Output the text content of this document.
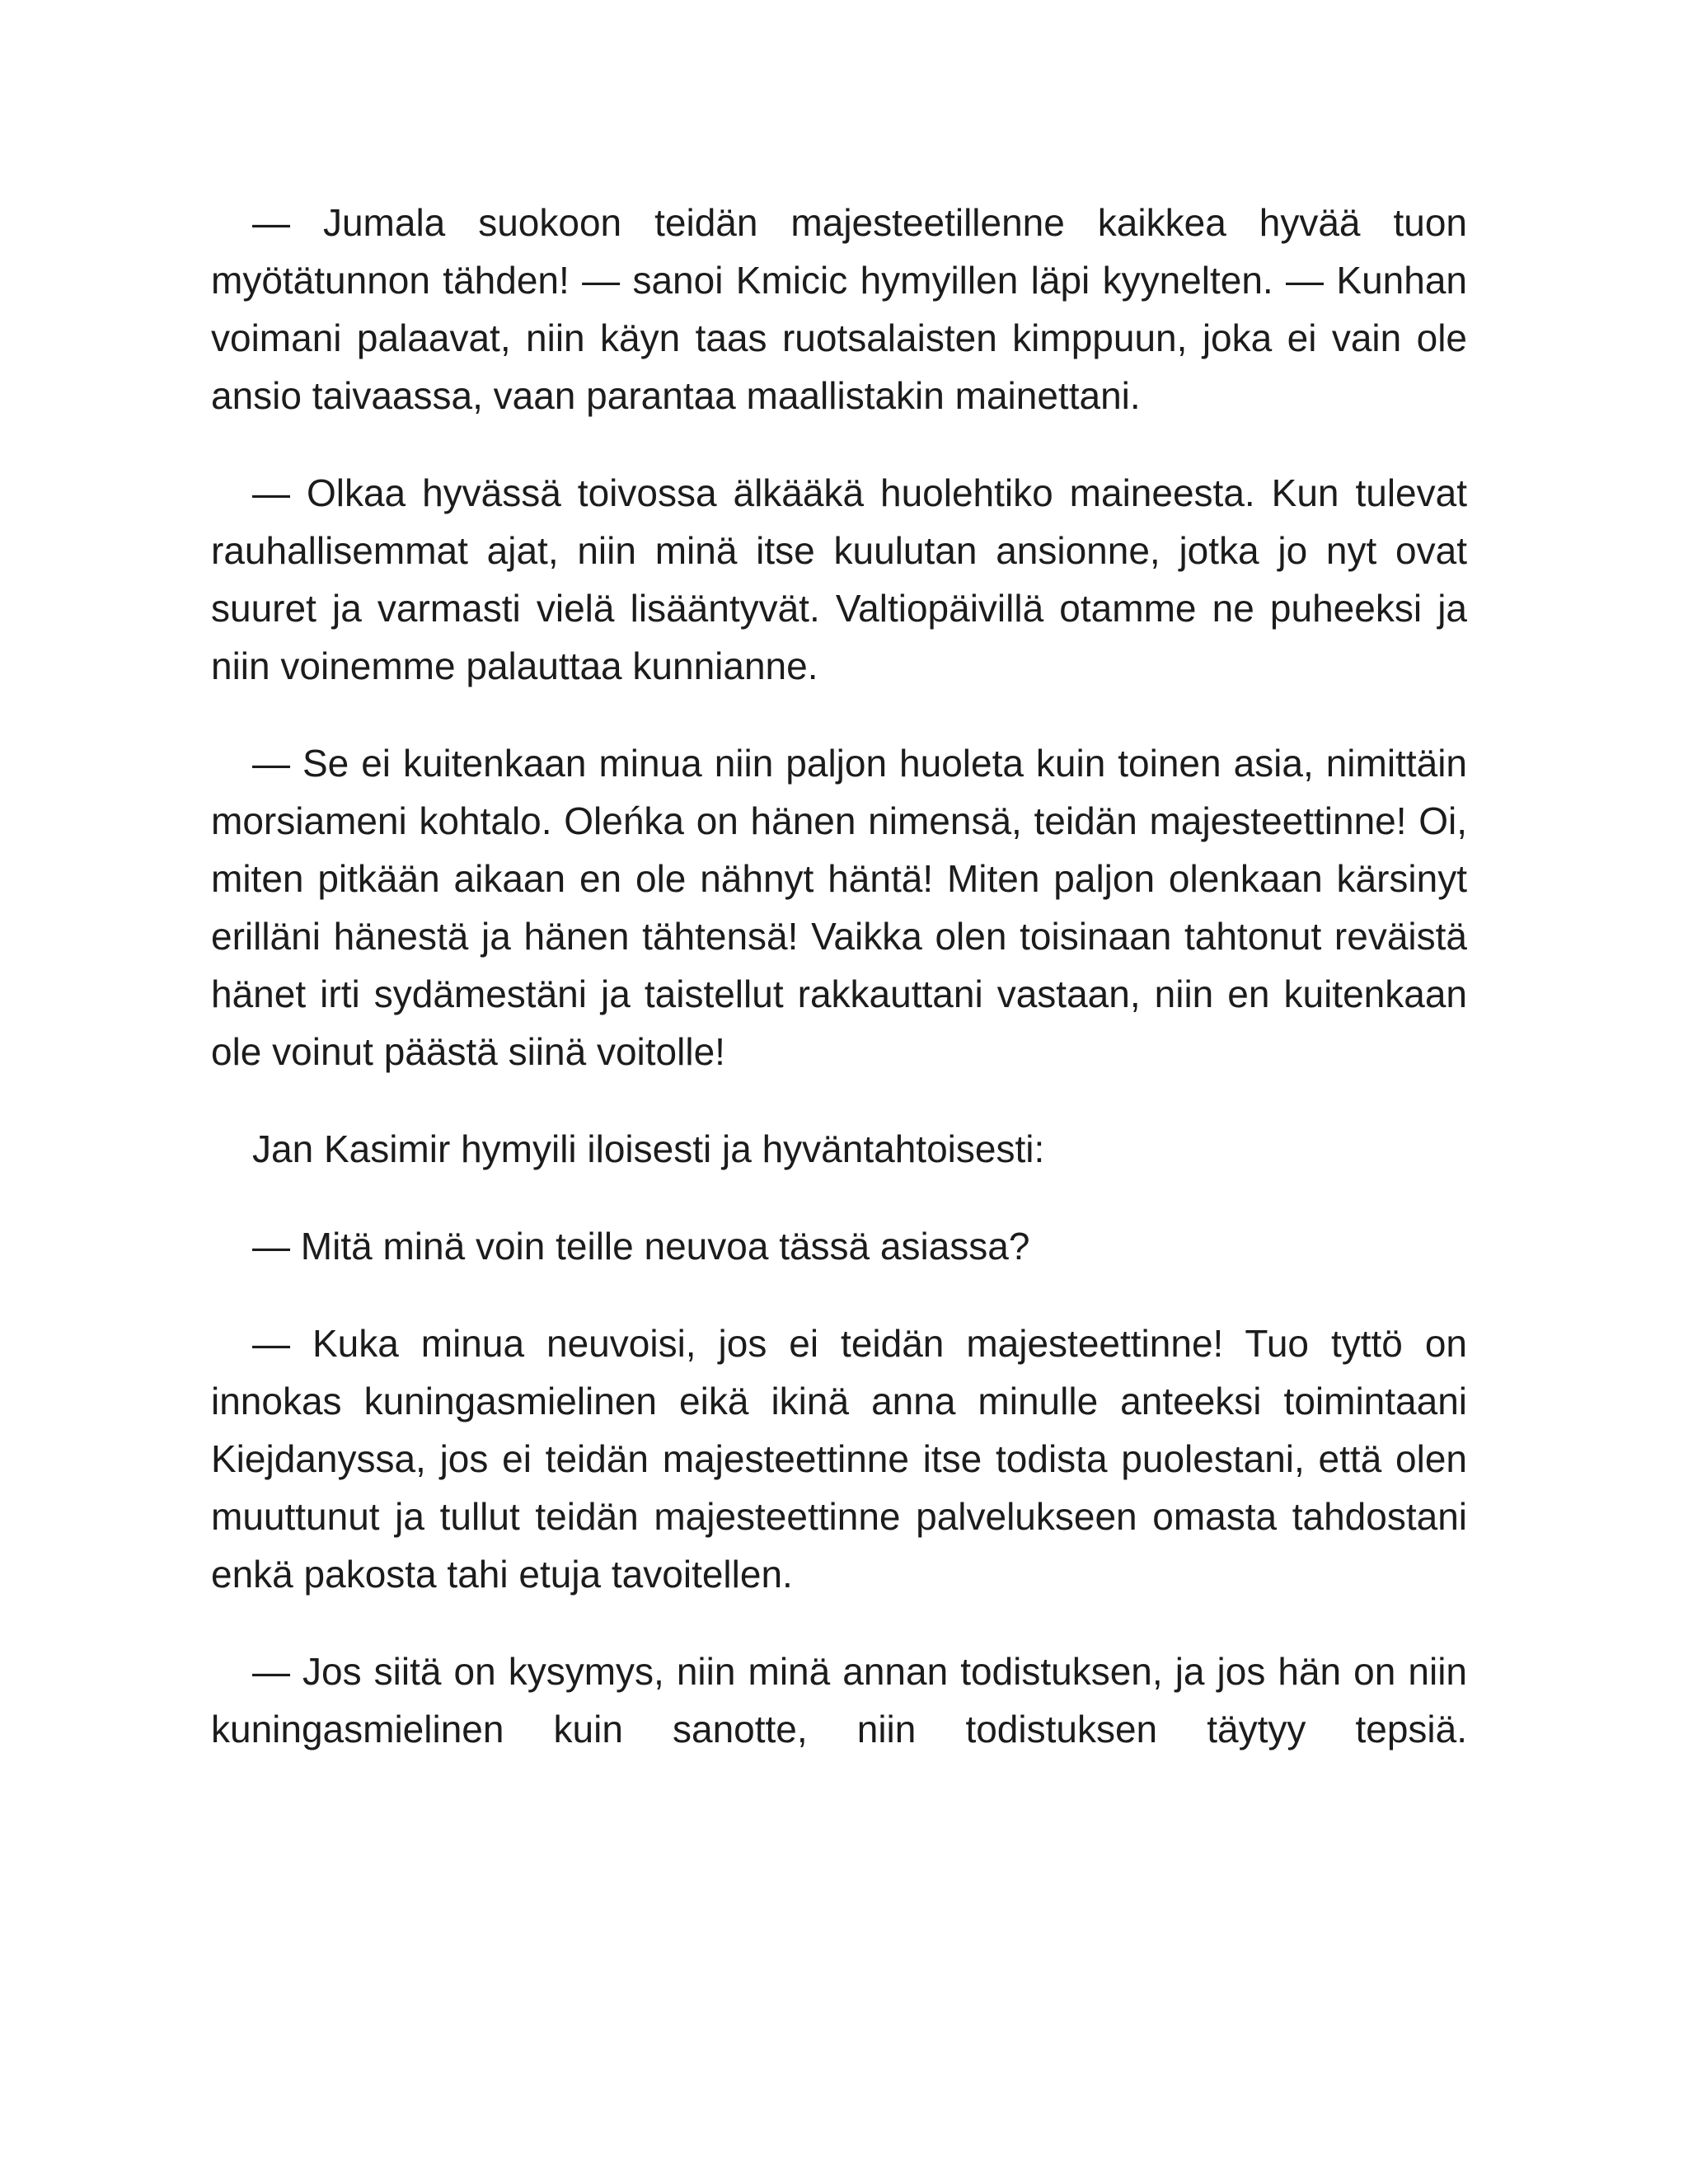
— Jumala suokoon teidän majesteetillenne kaikkea hyvää tuon myötätunnon tähden! — sanoi Kmicic hymyillen läpi kyynelten. — Kunhan voimani palaavat, niin käyn taas ruotsalaisten kimppuun, joka ei vain ole ansio taivaassa, vaan parantaa maallistakin mainettani.

— Olkaa hyvässä toivossa älkääkä huolehtiko maineesta. Kun tulevat rauhallisemmat ajat, niin minä itse kuulutan ansionne, jotka jo nyt ovat suuret ja varmasti vielä lisääntyvät. Valtiopäivillä otamme ne puheeksi ja niin voinemme palauttaa kunnianne.

— Se ei kuitenkaan minua niin paljon huoleta kuin toinen asia, nimittäin morsiameni kohtalo. Oleńka on hänen nimensä, teidän majesteettinne! Oi, miten pitkään aikaan en ole nähnyt häntä! Miten paljon olenkaan kärsinyt erilläni hänestä ja hänen tähtensä! Vaikka olen toisinaan tahtonut reväistä hänet irti sydämestäni ja taistellut rakkauttani vastaan, niin en kuitenkaan ole voinut päästä siinä voitolle!

Jan Kasimir hymyili iloisesti ja hyväntahtoisesti:

— Mitä minä voin teille neuvoa tässä asiassa?

— Kuka minua neuvoisi, jos ei teidän majesteettinne! Tuo tyttö on innokas kuningasmielinen eikä ikinä anna minulle anteeksi toimintaani Kiejdanyssa, jos ei teidän majesteettinne itse todista puolestani, että olen muuttunut ja tullut teidän majesteettinne palvelukseen omasta tahdostani enkä pakosta tahi etuja tavoitellen.

— Jos siitä on kysymys, niin minä annan todistuksen, ja jos hän on niin kuningasmielinen kuin sanotte, niin todistuksen täytyy tepsiä.
